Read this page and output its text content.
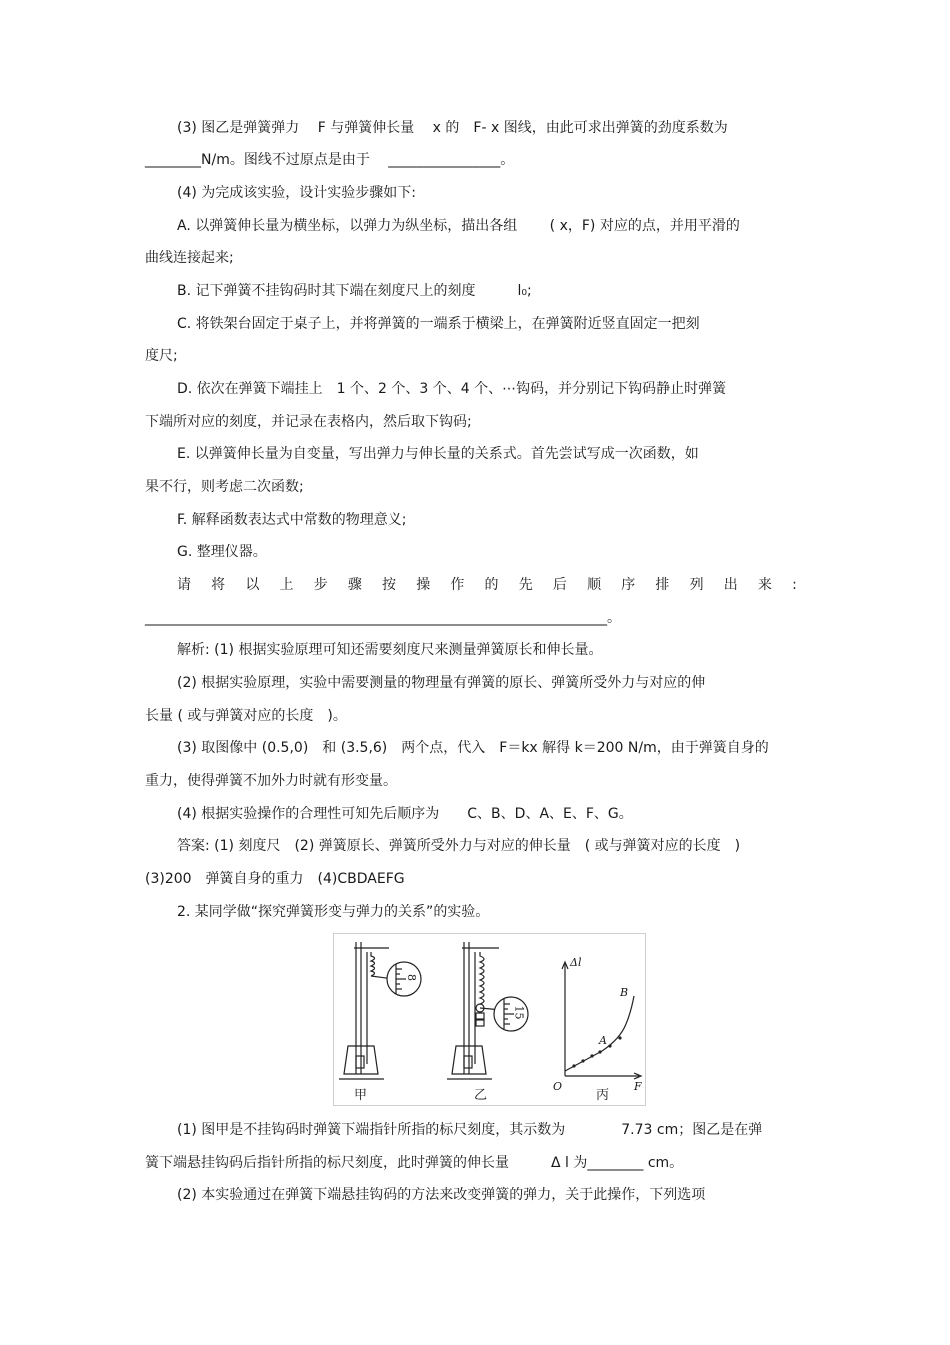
(3) 图乙是弹簧弹力　 F 与弹簧伸长量　 x 的　F- x 图线，由此可求出弹簧的劲度系数为
________N/m。图线不过原点是由于　 ________________。
(4) 为完成该实验，设计实验步骤如下:
A. 以弹簧伸长量为横坐标，以弹力为纵坐标，描出各组　　 ( x，F) 对应的点，并用平滑的
曲线连接起来;
B. 记下弹簧不挂钩码时其下端在刻度尺上的刻度　　　l₀;
C. 将铁架台固定于桌子上，并将弹簧的一端系于横梁上，在弹簧附近竖直固定一把刻
度尺;
D. 依次在弹簧下端挂上　1 个、2 个、3 个、4 个、⋯钩码，并分别记下钩码静止时弹簧
下端所对应的刻度，并记录在表格内，然后取下钩码;
E. 以弹簧伸长量为自变量，写出弹力与伸长量的关系式。首先尝试写成一次函数，如
果不行，则考虑二次函数;
F. 解释函数表达式中常数的物理意义;
G. 整理仪器。
请 将 以 上 步 骤 按 操 作 的 先 后 顺 序 排 列 出 来 :
__________________________________________________________________。
解析: (1) 根据实验原理可知还需要刻度尺来测量弹簧原长和伸长量。
(2) 根据实验原理，实验中需要测量的物理量有弹簧的原长、弹簧所受外力与对应的伸
长量 ( 或与弹簧对应的长度　)。
(3) 取图像中 (0.5,0)　和 (3.5,6)　两个点，代入　F＝kx 解得 k＝200 N/m，由于弹簧自身的
重力，使得弹簧不加外力时就有形变量。
(4) 根据实验操作的合理性可知先后顺序为　　C、B、D、A、E、F、G。
答案: (1) 刻度尺　(2) 弹簧原长、弹簧所受外力与对应的伸长量　( 或与弹簧对应的长度　)
(3)200　弹簧自身的重力　(4)CBDAEFG
2. 某同学做“探究弹簧形变与弹力的关系”的实验。
8
15
Δl
F
O
A
B
甲	乙	丙
(1) 图甲是不挂钩码时弹簧下端指针所指的标尺刻度，其示数为　　　　7.73 cm；图乙是在弹
簧下端悬挂钩码后指针所指的标尺刻度，此时弹簧的伸长量　　　Δ l 为________ cm。
(2) 本实验通过在弹簧下端悬挂钩码的方法来改变弹簧的弹力，关于此操作，下列选项
